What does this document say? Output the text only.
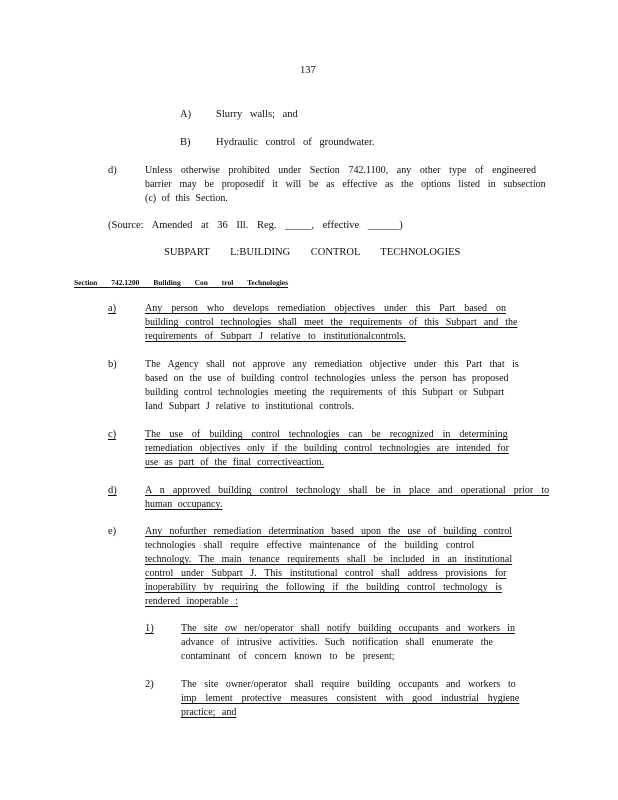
137
A) Slurry walls; and
B) Hydraulic control of groundwater.
d)	Unless otherwise prohibited under Section 742.1100, any other type of engineered
barrier may be proposedif it will be as effective as the options listed in subsection
(c) of this Section.
(Source: Amended at 36 Ill. Reg. _____, effective ______)
SUBPART L:BUILDING CONTROL TECHNOLOGIES
Section 742.1200 Building Con trol Technologies
a)	Any person who develops remediation objectives under this Part based on
building control technologies shall meet the requirements of this Subpart and the
requirements of Subpart J relative to institutionalcontrols.
b)	The Agency shall not approve any remediation objective under this Part that is
based on the use of building control technologies unless the person has proposed
building control technologies meeting the requirements of this Subpart or Subpart
Iand Subpart J relative to institutional controls.
c)	The use of building control technologies can be recognized in determining
remediation objectives only if the building control technologies are intended for
use as part of the final correctiveaction.
d)	A n approved building control technology shall be in place and operational prior to
human occupancy.
e)	Any nofurther remediation determination based upon the use of building control
technologies shall require effective maintenance of the building control
technology. The main tenance requirements shall be included in an institutional
control under Subpart J. This institutional control shall address provisions for
inoperability by requiring the following if the building control technology is
rendered inoperable :
1)	The site ow ner/operator shall notify building occupants and workers in
advance of intrusive activities. Such notification shall enumerate the
contaminant of concern known to be present;
2)	The site owner/operator shall require building occupants and workers to
imp lement protective measures consistent with good industrial hygiene
practice; and
